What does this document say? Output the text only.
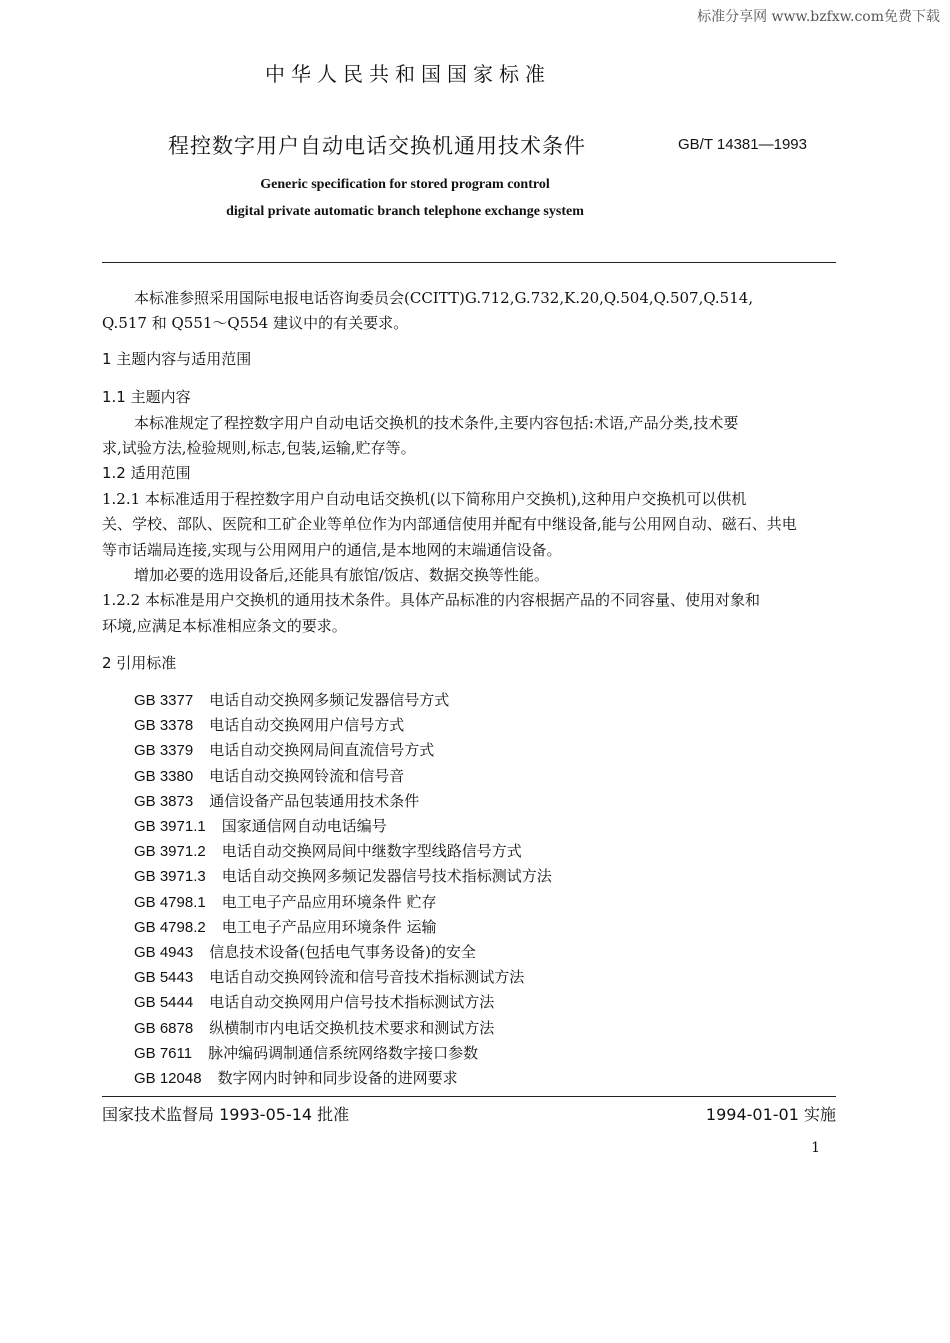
标准分享网 www.bzfxw.com免费下载
中华人民共和国国家标准
程控数字用户自动电话交换机通用技术条件	GB/T 14381—1993
Generic specification for stored program control
digital private automatic branch telephone exchange system
本标准参照采用国际电报电话咨询委员会(CCITT)G.712,G.732,K.20,Q.504,Q.507,Q.514,
Q.517 和 Q551～Q554 建议中的有关要求。
1 主题内容与适用范围
1.1 主题内容
本标准规定了程控数字用户自动电话交换机的技术条件,主要内容包括:术语,产品分类,技术要
求,试验方法,检验规则,标志,包装,运输,贮存等。
1.2 适用范围
1.2.1 本标准适用于程控数字用户自动电话交换机(以下简称用户交换机),这种用户交换机可以供机
关、学校、部队、医院和工矿企业等单位作为内部通信使用并配有中继设备,能与公用网自动、磁石、共电
等市话端局连接,实现与公用网用户的通信,是本地网的末端通信设备。
增加必要的选用设备后,还能具有旅馆/饭店、数据交换等性能。
1.2.2 本标准是用户交换机的通用技术条件。具体产品标准的内容根据产品的不同容量、使用对象和
环境,应满足本标准相应条文的要求。
2 引用标准
GB 3377 电话自动交换网多频记发器信号方式
GB 3378 电话自动交换网用户信号方式
GB 3379 电话自动交换网局间直流信号方式
GB 3380 电话自动交换网铃流和信号音
GB 3873 通信设备产品包装通用技术条件
GB 3971.1 国家通信网自动电话编号
GB 3971.2 电话自动交换网局间中继数字型线路信号方式
GB 3971.3 电话自动交换网多频记发器信号技术指标测试方法
GB 4798.1 电工电子产品应用环境条件 贮存
GB 4798.2 电工电子产品应用环境条件 运输
GB 4943 信息技术设备(包括电气事务设备)的安全
GB 5443 电话自动交换网铃流和信号音技术指标测试方法
GB 5444 电话自动交换网用户信号技术指标测试方法
GB 6878 纵横制市内电话交换机技术要求和测试方法
GB 7611 脉冲编码调制通信系统网络数字接口参数
GB 12048 数字网内时钟和同步设备的进网要求
国家技术监督局 1993-05-14 批准	1994-01-01 实施
1
